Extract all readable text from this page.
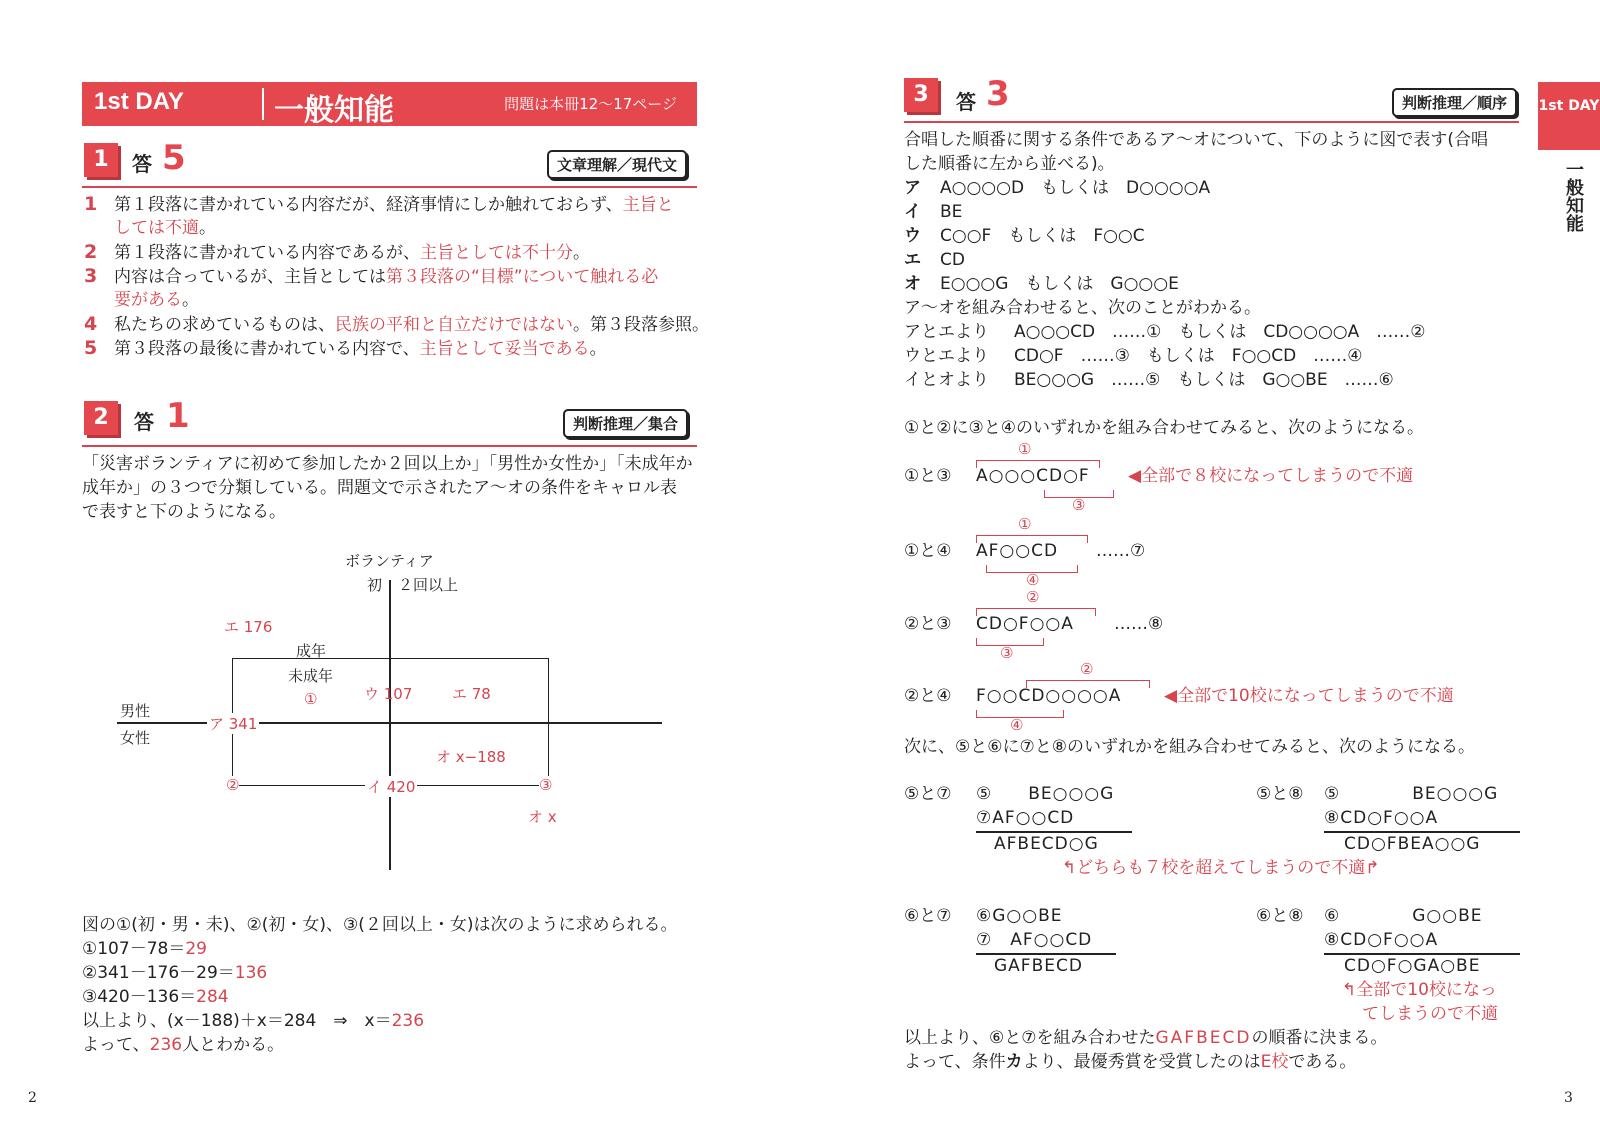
1st DAY	一般知能	問題は本冊12～17ページ
1	答 5	文章理解／現代文
1 第１段落に書かれている内容だが、経済事情にしか触れておらず、主旨と
しては不適。
2 第１段落に書かれている内容であるが、主旨としては不十分。
3 内容は合っているが、主旨としては第３段落の“目標”について触れる必
要がある。
4 私たちの求めているものは、民族の平和と自立だけではない。第３段落参照。
5 第３段落の最後に書かれている内容で、主旨として妥当である。
2	答 1	判断推理／集合
「災害ボランティアに初めて参加したか２回以上か」「男性か女性か」「未成年か
成年か」の３つで分類している。問題文で示されたア～オの条件をキャロル表
で表すと下のようになる。
ボランティア
初 ２回以上
成年
未成年
男性
女性
エ 176
①	ウ 107	エ 78
ア 341
オ x−188
②	イ 420	③
オ x
図の①(初・男・未)、②(初・女)、③(２回以上・女)は次のように求められる。
①107－78＝29
②341－176－29＝136
③420－136＝284
以上より、(x－188)＋x＝284　⇒　x＝236
よって、236人とわかる。
2
3	答 3	判断推理／順序
合唱した順番に関する条件であるア～オについて、下のように図で表す(合唱
した順番に左から並べる)。
ア A○○○○D　もしくは　D○○○○A
イ BE
ウ C○○F　もしくは　F○○C
エ CD
オ E○○○G　もしくは　G○○○E
ア～オを組み合わせると、次のことがわかる。
アとエより A○○○CD　……①　もしくは　CD○○○○A　……②
ウとエより CD○F　……③　もしくは　F○○CD　……④
イとオより BE○○○G　……⑤　もしくは　G○○BE　……⑥
①と②に③と④のいずれかを組み合わせてみると、次のようになる。
①
①と③ A○○○CD○F
③
◀全部で８校になってしまうので不適
①
①と④ AF○○CD ……⑦
④
②
②と③ CD○F○○A ……⑧
③
②
②と④ F○○CD○○○○A
④
◀全部で10校になってしまうので不適
次に、⑤と⑥に⑦と⑧のいずれかを組み合わせてみると、次のようになる。
⑤と⑦ ⑤　　BE○○○G
⑦AF○○CD
AFBECD○G
⑤と⑧ ⑤　　　　BE○○○G
⑧CD○F○○A
CD○FBEA○○G
↰どちらも７校を超えてしまうので不適↱
⑥と⑦ ⑥G○○BE
⑦　AF○○CD
GAFBECD
⑥と⑧ ⑥　　　　G○○BE
⑧CD○F○○A
CD○F○GA○BE
↰全部で10校になっ
てしまうので不適
以上より、⑥と⑦を組み合わせたGAFBECDの順番に決まる。
よって、条件カより、最優秀賞を受賞したのはE校である。
1st DAY
一般知能
3
